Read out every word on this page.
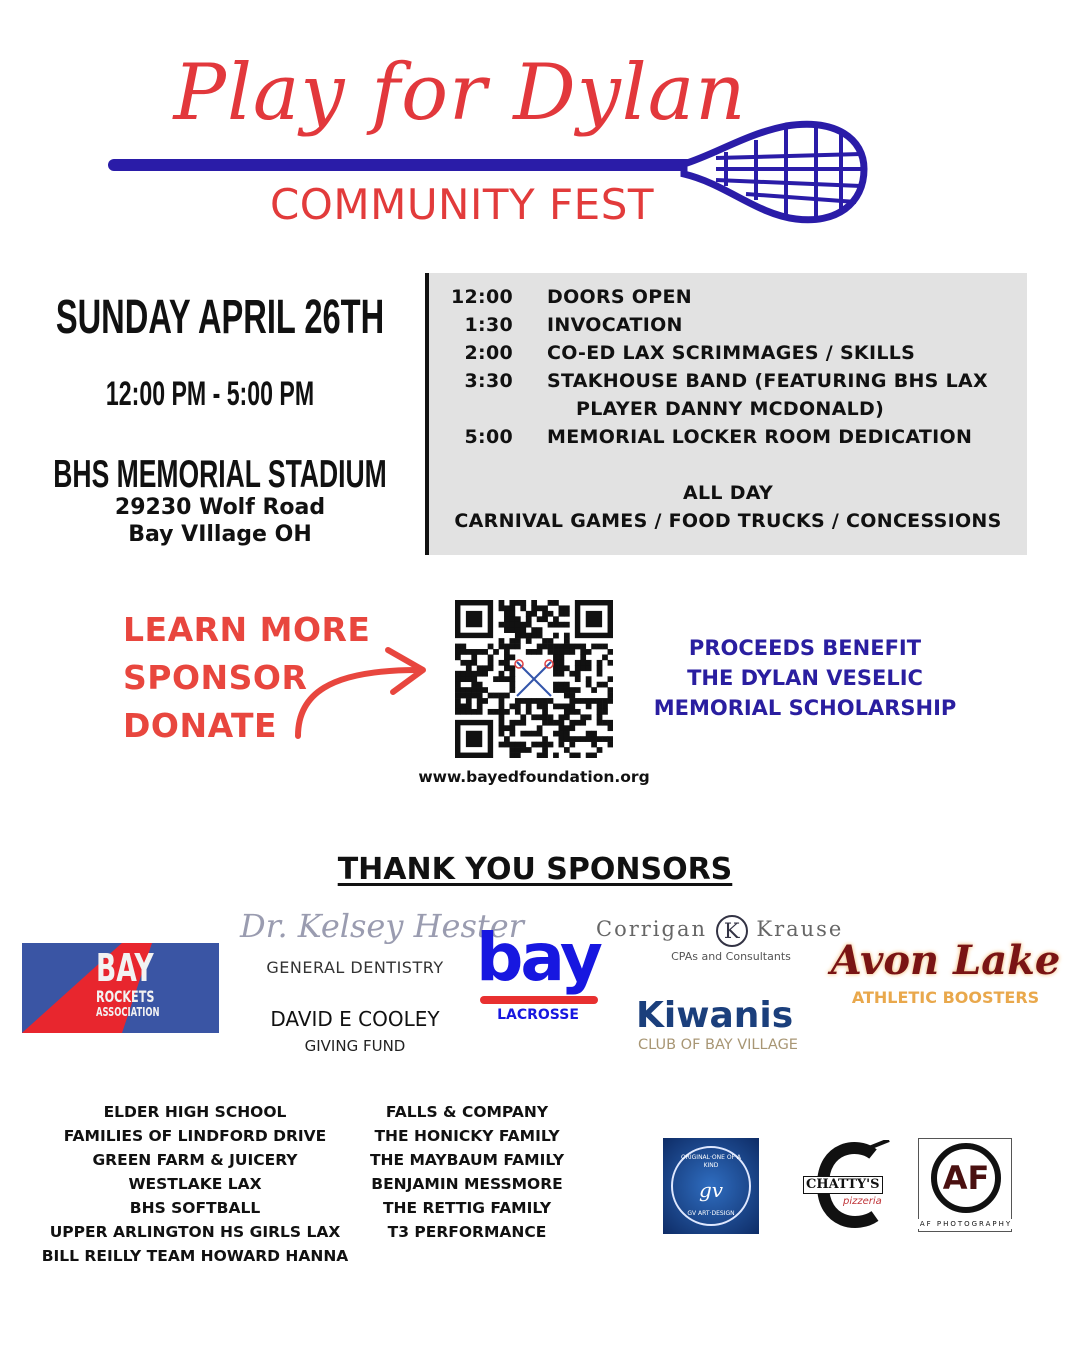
Play for Dylan
COMMUNITY FEST
SUNDAY APRIL 26TH
12:00 PM - 5:00 PM
BHS MEMORIAL STADIUM
29230 Wolf Road
Bay VIllage OH
12:00 DOORS OPEN
1:30 INVOCATION
2:00 CO-ED LAX SCRIMMAGES / SKILLS
3:30 STAKHOUSE BAND (FEATURING BHS LAX
PLAYER DANNY MCDONALD)
5:00 MEMORIAL LOCKER ROOM DEDICATION
ALL DAY
CARNIVAL GAMES / FOOD TRUCKS / CONCESSIONS
LEARN MORE
SPONSOR
DONATE
www.bayedfoundation.org
PROCEEDS BENEFIT
THE DYLAN VESELIC
MEMORIAL SCHOLARSHIP
THANK YOU SPONSORS
BAY
ROCKETS
ASSOCIATION
Dr. Kelsey Hester
GENERAL DENTISTRY
DAVID E COOLEY
GIVING FUND
bay
LACROSSE
Corrigan K Krause
CPAs and Consultants
Kiwanis
CLUB OF BAY VILLAGE
Avon Lake
ATHLETIC BOOSTERS
ELDER HIGH SCHOOL
FAMILIES OF LINDFORD DRIVE
GREEN FARM & JUICERY
WESTLAKE LAX
BHS SOFTBALL
UPPER ARLINGTON HS GIRLS LAX
BILL REILLY TEAM HOWARD HANNA
FALLS & COMPANY
THE HONICKY FAMILY
THE MAYBAUM FAMILY
BENJAMIN MESSMORE
THE RETTIG FAMILY
T3 PERFORMANCE
ORIGINAL·ONE OF A KIND
gv
GV ART·DESIGN
CHATTY'S
pizzeria
AF
AF PHOTOGRAPHY
